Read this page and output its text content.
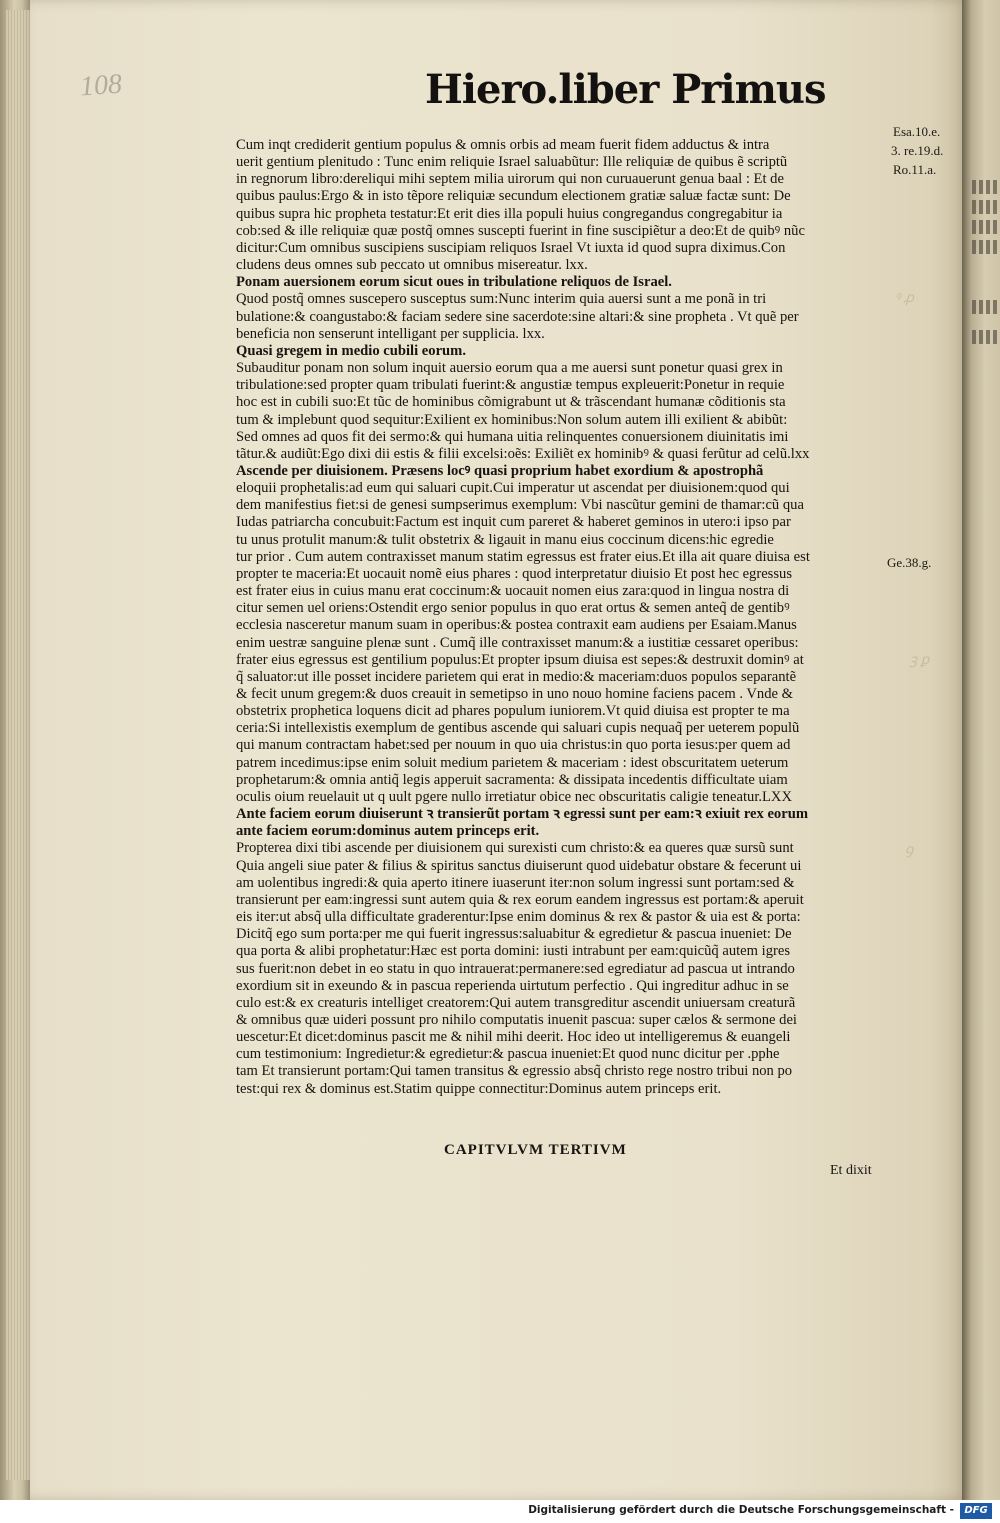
108
ꝰ ꝓ
ꝫ ꝑ
ꝯ
Hiero.liber Primus
Esa.10.e.
3. re.19.d.
Ro.11.a.
Ge.38.g.
Cum inqt crediderit gentium populus & omnis orbis ad meam fuerit fidem adductus & intra
uerit gentium plenitudo : Tunc enim reliquie Israel saluabũtur: Ille reliquiæ de quibus ẽ scriptũ
in regnorum libro:dereliqui mihi septem milia uirorum qui non curuauerunt genua baal : Et de
quibus paulus:Ergo & in isto tẽpore reliquiæ secundum electionem gratiæ saluæ factæ sunt: De
quibus supra hic propheta testatur:Et erit dies illa populi huius congregandus congregabitur ia
cob:sed & ille reliquiæ quæ postq̃ omnes suscepti fuerint in fine suscipiẽtur a deo:Et de quibꝰ nũc
dicitur:Cum omnibus suscipiens suscipiam reliquos Israel Vt iuxta id quod supra diximus.Con
cludens deus omnes sub peccato ut omnibus misereatur. lxx.
Ponam auersionem eorum sicut oues in tribulatione reliquos de Israel.
Quod postq̃ omnes suscepero susceptus sum:Nunc interim quia auersi sunt a me ponã in tri
bulatione:& coangustabo:& faciam sedere sine sacerdote:sine altari:& sine propheta . Vt quẽ per
beneficia non senserunt intelligant per supplicia. lxx.
Quasi gregem in medio cubili eorum.
Subauditur ponam non solum inquit auersio eorum qua a me auersi sunt ponetur quasi grex in
tribulatione:sed propter quam tribulati fuerint:& angustiæ tempus expleuerit:Ponetur in requie
hoc est in cubili suo:Et tũc de hominibus cõmigrabunt ut & trãscendant humanæ cõditionis sta
tum & implebunt quod sequitur:Exilient ex hominibus:Non solum autem illi exilient & abibũt:
Sed omnes ad quos fit dei sermo:& qui humana uitia relinquentes conuersionem diuinitatis imi
tãtur.& audiũt:Ego dixi dii estis & filii excelsi:oẽs: Exiliẽt ex hominibꝰ & quasi ferũtur ad celũ.lxx
Ascende per diuisionem. Præsens locꝰ quasi proprium habet exordium & apostrophã
eloquii prophetalis:ad eum qui saluari cupit.Cui imperatur ut ascendat per diuisionem:quod qui
dem manifestius fiet:si de genesi sumpserimus exemplum: Vbi nascũtur gemini de thamar:cũ qua
Iudas patriarcha concubuit:Factum est inquit cum pareret & haberet geminos in utero:i ipso par
tu unus protulit manum:& tulit obstetrix & ligauit in manu eius coccinum dicens:hic egredie
tur prior . Cum autem contraxisset manum statim egressus est frater eius.Et illa ait quare diuisa est
propter te maceria:Et uocauit nomẽ eius phares : quod interpretatur diuisio Et post hec egressus
est frater eius in cuius manu erat coccinum:& uocauit nomen eius zara:quod in lingua nostra di
citur semen uel oriens:Ostendit ergo senior populus in quo erat ortus & semen anteq̃ de gentibꝰ
ecclesia nasceretur manum suam in operibus:& postea contraxit eam audiens per Esaiam.Manus
enim uestræ sanguine plenæ sunt . Cumq̃ ille contraxisset manum:& a iustitiæ cessaret operibus:
frater eius egressus est gentilium populus:Et propter ipsum diuisa est sepes:& destruxit dominꝰ at
q̃ saluator:ut ille posset incidere parietem qui erat in medio:& maceriam:duos populos separantẽ
& fecit unum gregem:& duos creauit in semetipso in uno nouo homine faciens pacem . Vnde &
obstetrix prophetica loquens dicit ad phares populum iuniorem.Vt quid diuisa est propter te ma
ceria:Si intellexistis exemplum de gentibus ascende qui saluari cupis nequaq̃ per ueterem populũ
qui manum contractam habet:sed per nouum in quo uia christus:in quo porta iesus:per quem ad
patrem incedimus:ipse enim soluit medium parietem & maceriam : idest obscuritatem ueterum
prophetarum:& omnia antiq̃ legis apperuit sacramenta: & dissipata incedentis difficultate uiam
oculis oium reuelauit ut q uult pgere nullo irretiatur obice nec obscuritatis caligie teneatur.LXX
Ante faciem eorum diuiserunt ꝛ transierũt portam ꝛ egressi sunt per eam:ꝛ exiuit rex eorum
ante faciem eorum:dominus autem princeps erit.
Propterea dixi tibi ascende per diuisionem qui surexisti cum christo:& ea queres quæ sursũ sunt
Quia angeli siue pater & filius & spiritus sanctus diuiserunt quod uidebatur obstare & fecerunt ui
am uolentibus ingredi:& quia aperto itinere iuaserunt iter:non solum ingressi sunt portam:sed &
transierunt per eam:ingressi sunt autem quia & rex eorum eandem ingressus est portam:& aperuit
eis iter:ut absq̃ ulla difficultate graderentur:Ipse enim dominus & rex & pastor & uia est & porta:
Dicitq̃ ego sum porta:per me qui fuerit ingressus:saluabitur & egredietur & pascua inueniet: De
qua porta & alibi prophetatur:Hæc est porta domini: iusti intrabunt per eam:quicũq̃ autem igres
sus fuerit:non debet in eo statu in quo intrauerat:permanere:sed egrediatur ad pascua ut intrando
exordium sit in exeundo & in pascua reperienda uirtutum perfectio . Qui ingreditur adhuc in se
culo est:& ex creaturis intelliget creatorem:Qui autem transgreditur ascendit uniuersam creaturã
& omnibus quæ uideri possunt pro nihilo computatis inuenit pascua: super cælos & sermone dei
uescetur:Et dicet:dominus pascit me & nihil mihi deerit. Hoc ideo ut intelligeremus & euangeli
cum testimonium: Ingredietur:& egredietur:& pascua inueniet:Et quod nunc dicitur per .pphe
tam Et transierunt portam:Qui tamen transitus & egressio absq̃ christo rege nostro tribui non po
test:qui rex & dominus est.Statim quippe connectitur:Dominus autem princeps erit.
CAPITVLVM TERTIVM
Et dixit
Digitalisierung gefördert durch die Deutsche Forschungsgemeinschaft -	DFG
